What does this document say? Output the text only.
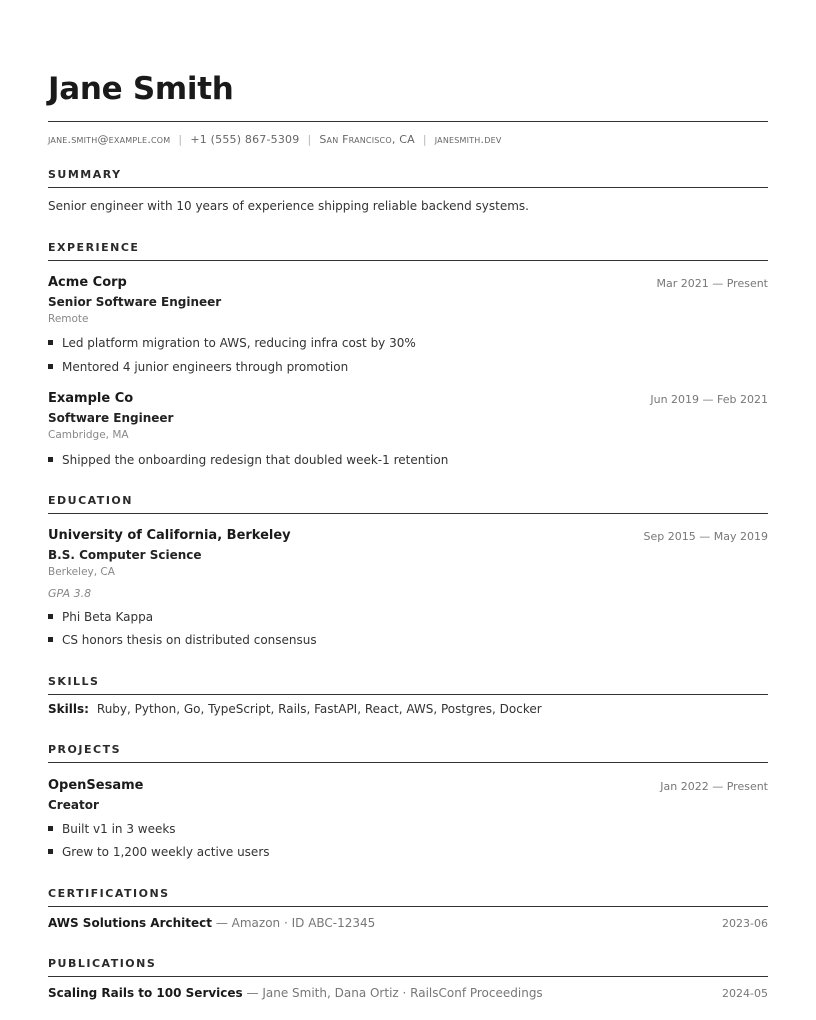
Jane Smith
jane.smith@example.com | +1 (555) 867-5309 | San Francisco, CA | janesmith.dev
SUMMARY
Senior engineer with 10 years of experience shipping reliable backend systems.
EXPERIENCE
Acme Corp	Mar 2021 — Present
Senior Software Engineer
Remote
Led platform migration to AWS, reducing infra cost by 30%
Mentored 4 junior engineers through promotion
Example Co	Jun 2019 — Feb 2021
Software Engineer
Cambridge, MA
Shipped the onboarding redesign that doubled week-1 retention
EDUCATION
University of California, Berkeley	Sep 2015 — May 2019
B.S. Computer Science
Berkeley, CA
GPA 3.8
Phi Beta Kappa
CS honors thesis on distributed consensus
SKILLS
Skills: Ruby, Python, Go, TypeScript, Rails, FastAPI, React, AWS, Postgres, Docker
PROJECTS
OpenSesame	Jan 2022 — Present
Creator
Built v1 in 3 weeks
Grew to 1,200 weekly active users
CERTIFICATIONS
AWS Solutions Architect — Amazon · ID ABC-12345	2023-06
PUBLICATIONS
Scaling Rails to 100 Services — Jane Smith, Dana Ortiz · RailsConf Proceedings	2024-05
